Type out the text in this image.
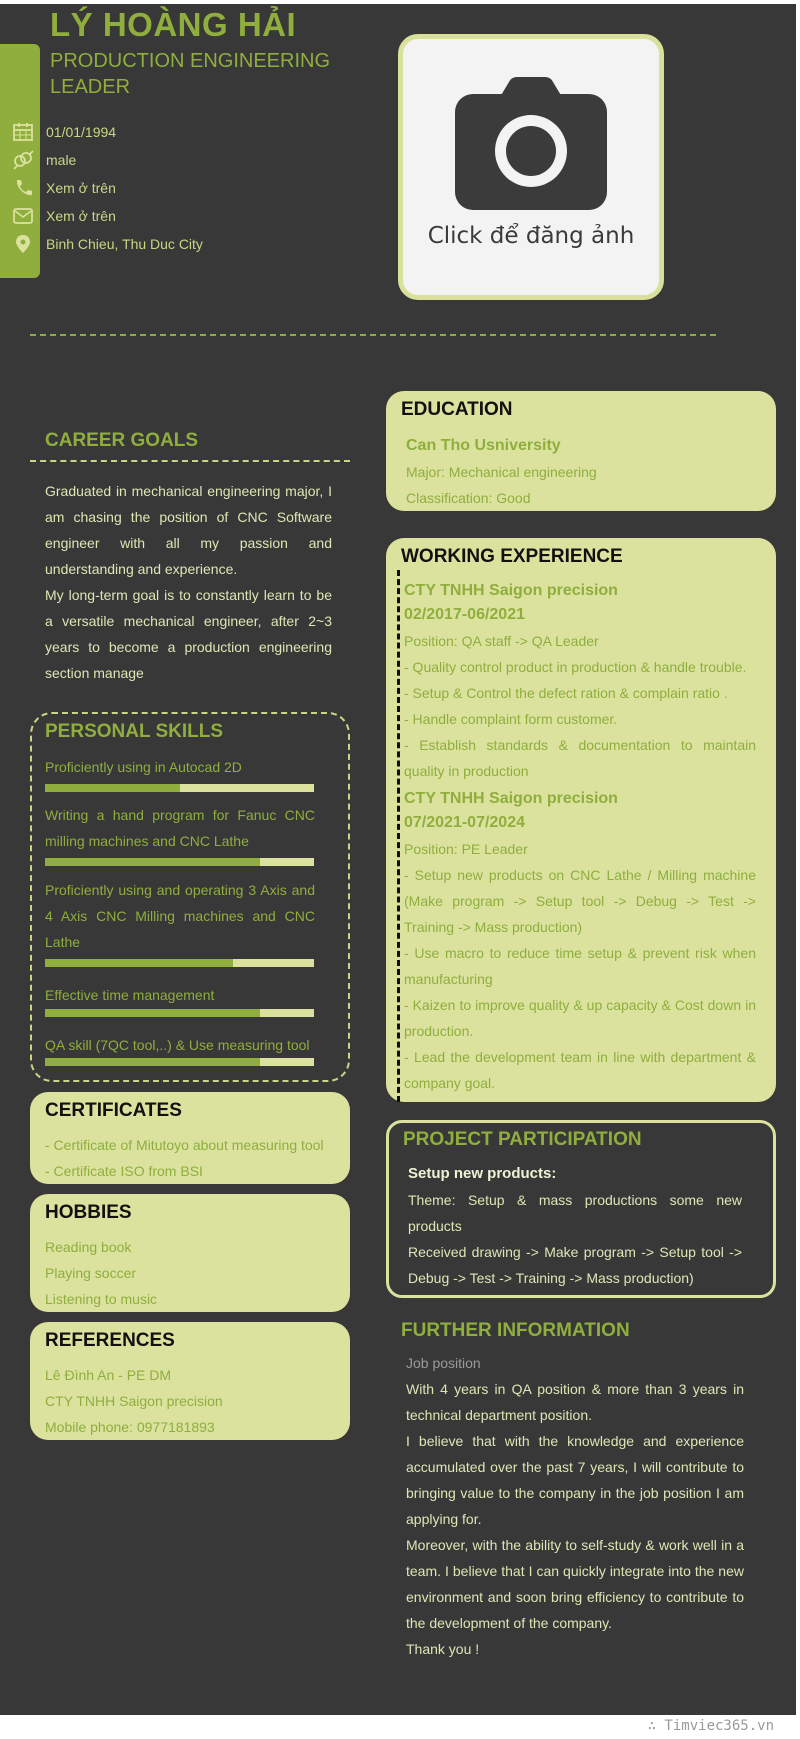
LÝ HOÀNG HẢI
PRODUCTION ENGINEERING LEADER
01/01/1994
male
Xem ở trên
Xem ở trên
Binh Chieu, Thu Duc City	Click để đăng ảnh
CAREER GOALS
Graduated in mechanical engineering major, I am chasing the position of CNC Software engineer with all my passion and understanding and experience.
My long-term goal is to constantly learn to be a versatile mechanical engineer, after 2~3 years to become a production engineering section manage
PERSONAL SKILLS
Proficiently using in Autocad 2D
Writing a hand program for Fanuc CNC milling machines and CNC Lathe
Proficiently using and operating 3 Axis and 4 Axis CNC Milling machines and CNC Lathe
Effective time management
QA skill (7QC tool,..) & Use measuring tool
CERTIFICATES
- Certificate of Mitutoyo about measuring tool
- Certificate ISO from BSI
HOBBIES
Reading book
Playing soccer
Listening to music
REFERENCES
Lê Đình An - PE DM
CTY TNHH Saigon precision
Mobile phone: 0977181893
EDUCATION
Can Tho Usniversity
Major: Mechanical engineering
Classification: Good
WORKING EXPERIENCE
CTY TNHH Saigon precision
02/2017-06/2021
Position: QA staff -> QA Leader
- Quality control product in production & handle trouble.
- Setup & Control the defect ration & complain ratio .
- Handle complaint form customer.
- Establish standards & documentation to maintain quality in production
CTY TNHH Saigon precision
07/2021-07/2024
Position: PE Leader
- Setup new products on CNC Lathe / Milling machine (Make program -> Setup tool -> Debug -> Test -> Training -> Mass production)
- Use macro to reduce time setup & prevent risk when manufacturing
- Kaizen to improve quality & up capacity & Cost down in production.
- Lead the development team in line with department & company goal.
PROJECT PARTICIPATION
Setup new products:
Theme: Setup & mass productions some new products
Received drawing -> Make program -> Setup tool -> Debug -> Test -> Training -> Mass production)
FURTHER INFORMATION
Job position
With 4 years in QA position & more than 3 years in technical department position.
I believe that with the knowledge and experience accumulated over the past 7 years, I will contribute to bringing value to the company in the job position I am applying for.
Moreover, with the ability to self-study & work well in a team. I believe that I can quickly integrate into the new environment and soon bring efficiency to contribute to the development of the company.
Thank you !
∴ Timviec365.vn
